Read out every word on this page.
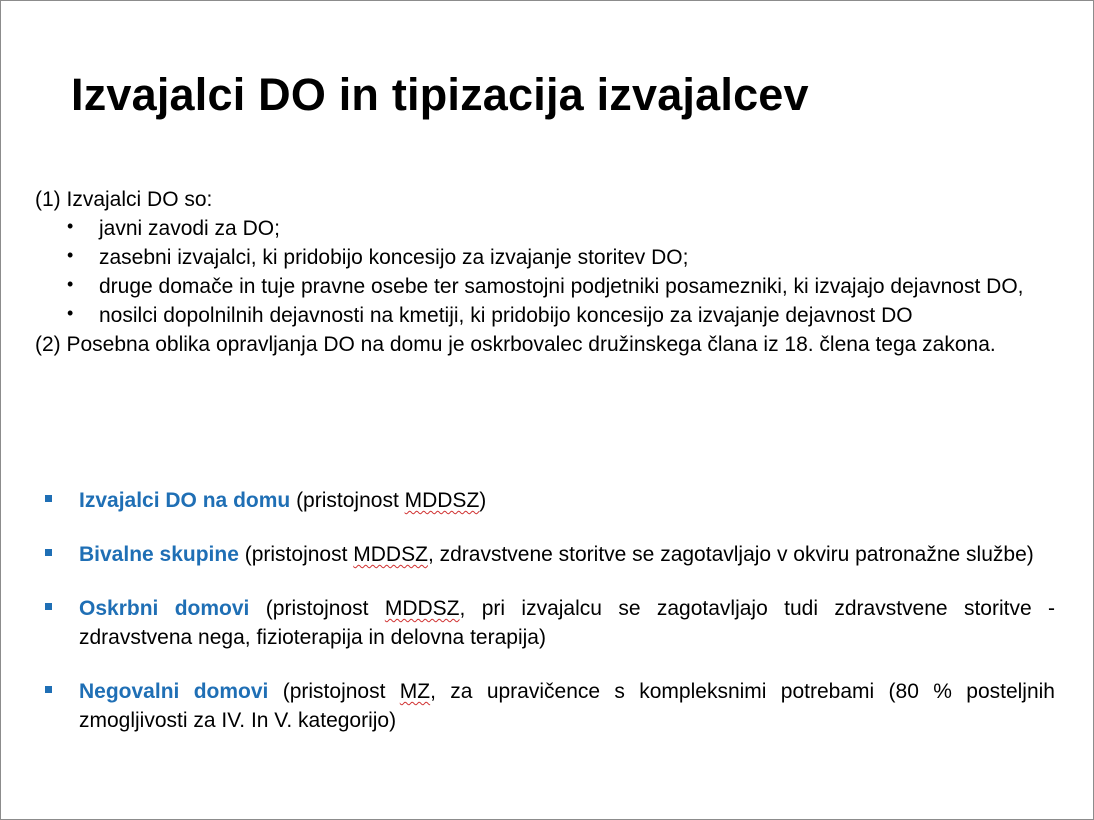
Izvajalci DO in tipizacija izvajalcev
(1) Izvajalci DO so:
• javni zavodi za DO;
• zasebni izvajalci, ki pridobijo koncesijo za izvajanje storitev DO;
• druge domače in tuje pravne osebe ter samostojni podjetniki posamezniki, ki izvajajo dejavnost DO,
• nosilci dopolnilnih dejavnosti na kmetiji, ki pridobijo koncesijo za izvajanje dejavnost DO
(2) Posebna oblika opravljanja DO na domu je oskrbovalec družinskega člana iz 18. člena tega zakona.
Izvajalci DO na domu (pristojnost MDDSZ)
Bivalne skupine (pristojnost MDDSZ, zdravstvene storitve se zagotavljajo v okviru patronažne službe)
Oskrbni domovi (pristojnost MDDSZ, pri izvajalcu se zagotavljajo tudi zdravstvene storitve - zdravstvena nega, fizioterapija in delovna terapija)
Negovalni domovi (pristojnost MZ, za upravičence s kompleksnimi potrebami (80 % posteljnih zmogljivosti za IV. In V. kategorijo)
